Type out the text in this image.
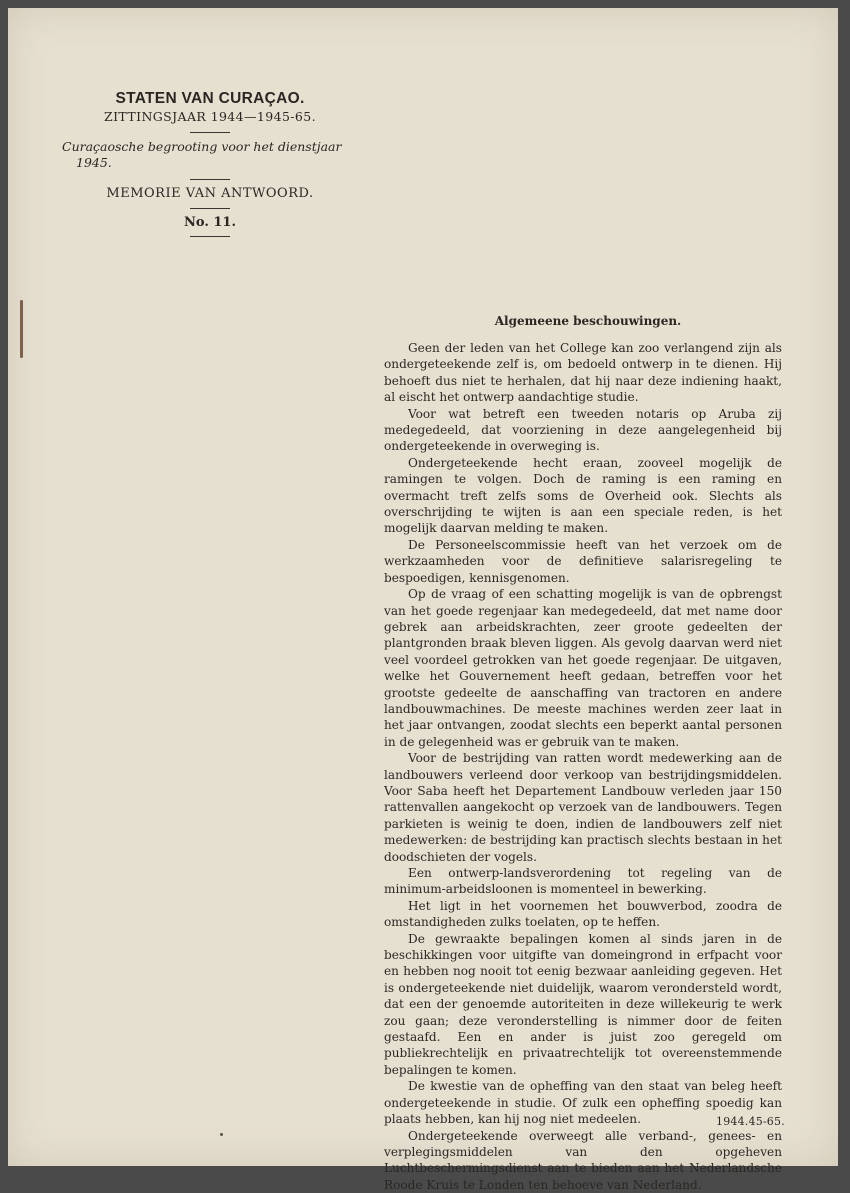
STATEN VAN CURAÇAO.
ZITTINGSJAAR 1944—1945-65.
Curaçaosche begrooting voor het dienstjaar
1945.
MEMORIE VAN ANTWOORD.
No. 11.
Algemeene beschouwingen.

Geen der leden van het College kan zoo verlangend zijn als ondergeteekende zelf is, om bedoeld ontwerp in te dienen. Hij behoeft dus niet te herhalen, dat hij naar deze indiening haakt, al eischt het ontwerp aandachtige studie.

Voor wat betreft een tweeden notaris op Aruba zij medegedeeld, dat voorziening in deze aangelegenheid bij ondergeteekende in overweging is.

Ondergeteekende hecht eraan, zooveel mogelijk de ramingen te volgen. Doch de raming is een raming en overmacht treft zelfs soms de Overheid ook. Slechts als overschrijding te wijten is aan een speciale reden, is het mogelijk daarvan melding te maken.

De Personeelscommissie heeft van het verzoek om de werkzaamheden voor de definitieve salarisregeling te bespoedigen, kennisgenomen.

Op de vraag of een schatting mogelijk is van de opbrengst van het goede regenjaar kan medegedeeld, dat met name door gebrek aan arbeidskrachten, zeer groote gedeelten der plantgronden braak bleven liggen. Als gevolg daarvan werd niet veel voordeel getrokken van het goede regenjaar. De uitgaven, welke het Gouvernement heeft gedaan, betreffen voor het grootste gedeelte de aanschaffing van tractoren en andere landbouwmachines. De meeste machines werden zeer laat in het jaar ontvangen, zoodat slechts een beperkt aantal personen in de gelegenheid was er gebruik van te maken.

Voor de bestrijding van ratten wordt medewerking aan de landbouwers verleend door verkoop van bestrijdingsmiddelen. Voor Saba heeft het Departement Landbouw verleden jaar 150 rattenvallen aangekocht op verzoek van de landbouwers. Tegen parkieten is weinig te doen, indien de landbouwers zelf niet medewerken: de bestrijding kan practisch slechts bestaan in het doodschieten der vogels.

Een ontwerp-landsverordening tot regeling van de minimum-arbeidsloonen is momenteel in bewerking.

Het ligt in het voornemen het bouwverbod, zoodra de omstandigheden zulks toelaten, op te heffen.

De gewraakte bepalingen komen al sinds jaren in de beschikkingen voor uitgifte van domeingrond in erfpacht voor en hebben nog nooit tot eenig bezwaar aanleiding gegeven. Het is ondergeteekende niet duidelijk, waarom verondersteld wordt, dat een der genoemde autoriteiten in deze willekeurig te werk zou gaan; deze veronderstelling is nimmer door de feiten gestaafd. Een en ander is juist zoo geregeld om publiekrechtelijk en privaatrechtelijk tot overeenstemmende bepalingen te komen.

De kwestie van de opheffing van den staat van beleg heeft ondergeteekende in studie. Of zulk een opheffing spoedig kan plaats hebben, kan hij nog niet medeelen.

Ondergeteekende overweegt alle verband-, genees- en verplegingsmiddelen van den opgeheven Luchtbeschermingsdienst aan te bieden aan het Nederlandsche Roode Kruis te Londen ten behoeve van Nederland.

1944.45-65.
